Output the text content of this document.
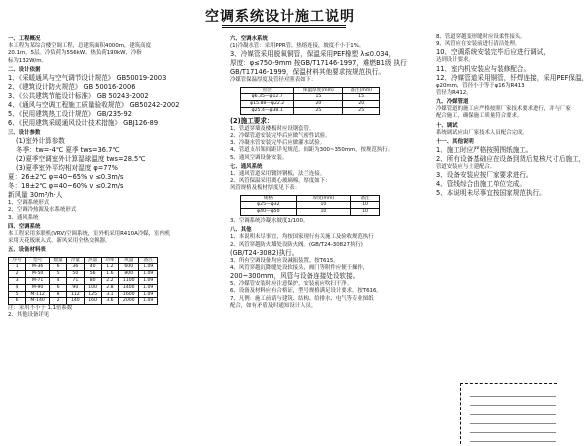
空调系统设计施工说明
一、工程概况
本工程为某综合楼空调工程，总建筑面积4000m，建筑高度
20.1m，5层。冷负荷为556kW，热负荷190kW，冷指
标为132W/m。
二、设计依据
1、《采暖通风与空气调节设计规范》 GB50019-2003
2、《建筑设计防火规范》 GB 50016-2006
3、《公共建筑节能设计标准》 GB 50243-2002
4、《通风与空调工程施工质量验收规范》 GB50242-2002
5、《民用建筑热工设计规范》 GB/235-92
6、《民用建筑采暖通风设计技术措施》 GBJ126-89
三、设计参数
(1)室外计算参数
冬季：tw=-4℃ 夏季 tws=36.7℃
(2)夏季空调室外计算湿球温度 tws=28.5℃
(3)夏季室外平均相对湿度 φ=77%
夏：26±2℃ φ=40~65% v ≤0.3m/s
冬：18±2℃ φ=40~60% v ≤0.2m/s
新风量 30m³/h·人
1、空调系统形式
2、空调冷热源及水系统形式
3、通风系统
四、空调系统
本工程采用多联机(VRV)空调系统，室外机采用R410A冷媒，室内机
采用天花板嵌入式，新风采用全热交换器。
五、设备材料表
序号	型号	数量	冷量	热量	功率	风量	备注
1	M-36	6	36	40	1.2	600	1.09
2	M-50	5	50	56	1.6	800	1.09
3	M-71	4	71	80	2.2	1100	1.09
4	M-90	6	90	100	2.8	1400	1.09
5	M-112	8	112	125	3.1	1600	1.09
6	M-140	2	140	160	3.6	2000	1.09
注：采用不小于 1.1倍系数
2、其他设备详见
六、空调水系统
(1)冷凝水管：采用PPR管，热熔连接，坡度不小于1%。
3、冷媒管采用脱氧铜管，保温采用PEF橡塑 λ≤0.034，
厚度：φ≤750-9mm 按GB/T17146-1997，难燃B1级 执行
GB/T17146-1999，保温材料其他要求按规范执行。
冷媒管保温厚度及管径对照表如下：
管径	保温厚度(mm)	备注(mm)
φ6.35—φ12.7	15	15
φ15.88—φ22.2	20	20
φ25.4—φ38.1	25	25
(2)施工要求：
1、管道穿墙及楼板时应设钢套管。
2、冷媒管道安装完毕后应做气密性试验。
3、冷凝水管安装完毕后应做灌水试验。
4、管道支吊架间距详见规范，间距为300~350mm，按规范执行。
5、通风空调设备安装。
七、通风系统
1、通风管道采用镀锌钢板，法兰连接。
2、风管保温采用离心玻璃棉，厚度如下：
风管规格及板材厚度见下表：
规格	厚度(mm)	备注
φ25—φ32	10	10
φ40—φ50	10	10
3、空调系统冷凝水坡度1/100。
八、其他
1、本说明未尽事宜，均按国家现行有关施工及验收规范执行
2、风管穿越防火墙处设防火阀。(GB/T24-30827执行)
(GB/T24-3082)执行。
3、所有空调设备均应设减振装置。按T615。
4、风管穿越沉降缝处设软接头，阀门等附件应便于操作，
200~300mm，风管与设备连接处设软接。
5、冷媒管安装时应注意保护，安装前应吹扫干净。
6、设备及材料应有合格证，型号规格满足设计要求。按T616。
7、凡例：施工前请与建筑、结构、给排水、电气等专业图纸
配合，如有矛盾及时通知设计人员。
8、管道穿越变形缝时应设柔性接头。
9、风管应在安装前进行清洁处理。
10、空调系统安装完毕后应进行调试，
达到设计要求。
11、室内机安装应与装修配合。
12、冷媒管道采用铜管，钎焊连接，采用PEF保温，
φ20mm，管径小于等于φ16为R413
管径为R412。
九、冷媒管道
冷媒管道的施工应严格按照厂家技术要求进行，并与厂家
配合施工，确保施工质量符合要求。
十、调试
系统调试应由厂家技术人员配合完成。
十一、其他说明
1、施工时应严格按照图纸施工。
2、所有设备基础应在设备到货后复核尺寸后施工，
管道安装应与土建配合。
3、设备安装应按厂家要求进行。
4、管线综合由施工单位完成。
5、本说明未尽事宜按国家规范执行。
